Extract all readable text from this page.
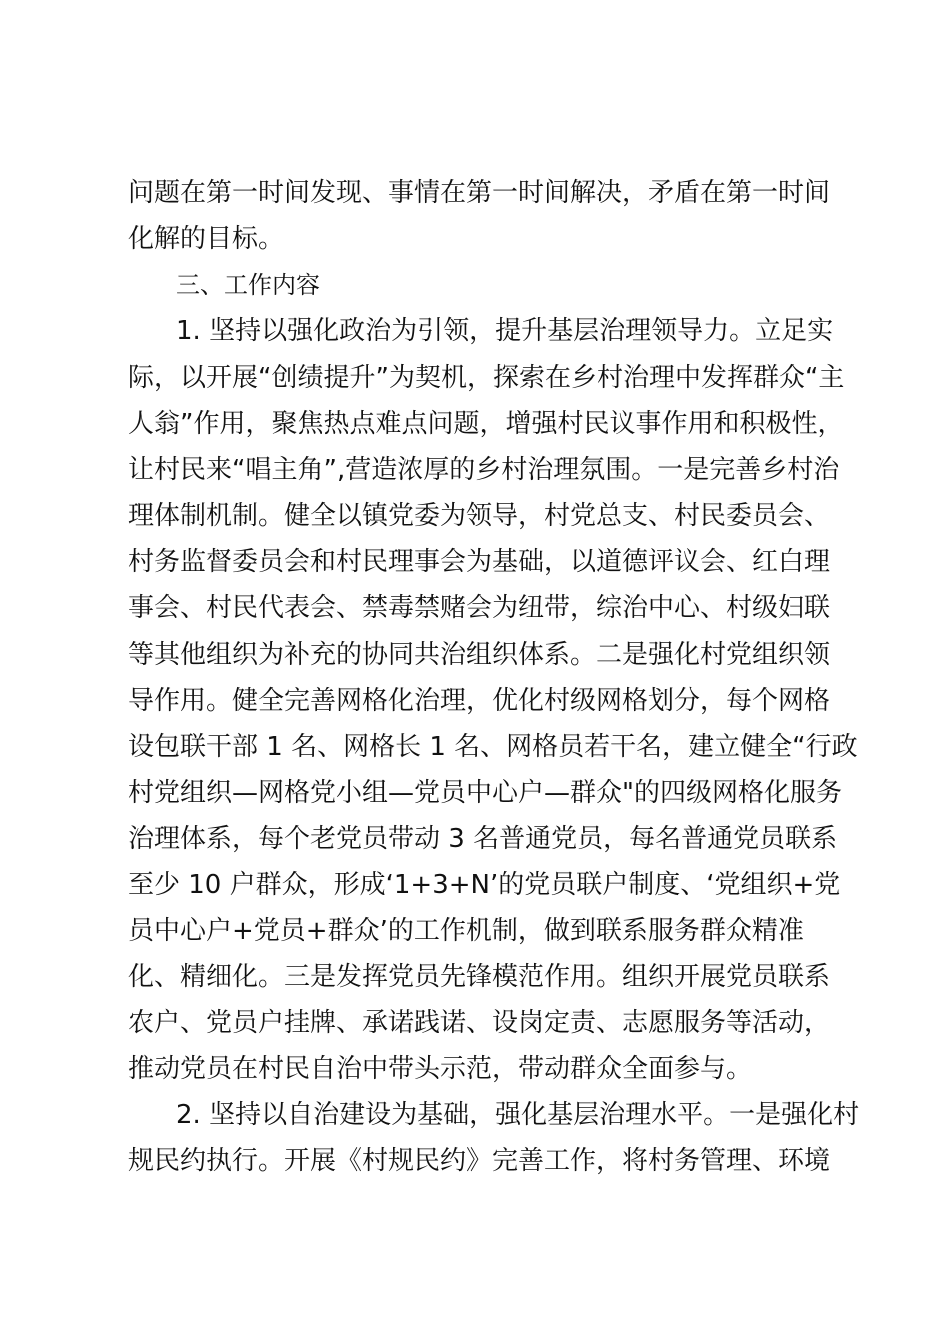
问题在第一时间发现、事情在第一时间解决，矛盾在第一时间
化解的目标。
三、工作内容
1. 坚持以强化政治为引领，提升基层治理领导力。立足实
际，以开展“创绩提升”为契机，探索在乡村治理中发挥群众“主
人翁”作用，聚焦热点难点问题，增强村民议事作用和积极性，
让村民来“唱主角”,营造浓厚的乡村治理氛围。一是完善乡村治
理体制机制。健全以镇党委为领导，村党总支、村民委员会、
村务监督委员会和村民理事会为基础，以道德评议会、红白理
事会、村民代表会、禁毒禁赌会为纽带，综治中心、村级妇联
等其他组织为补充的协同共治组织体系。二是强化村党组织领
导作用。健全完善网格化治理，优化村级网格划分，每个网格
设包联干部 1 名、网格长 1 名、网格员若干名，建立健全“行政
村党组织—网格党小组—党员中心户—群众"的四级网格化服务
治理体系，每个老党员带动 3 名普通党员，每名普通党员联系
至少 10 户群众，形成‘1+3+N’的党员联户制度、‘党组织+党
员中心户+党员+群众’的工作机制，做到联系服务群众精准
化、精细化。三是发挥党员先锋模范作用。组织开展党员联系
农户、党员户挂牌、承诺践诺、设岗定责、志愿服务等活动，
推动党员在村民自治中带头示范，带动群众全面参与。
2. 坚持以自治建设为基础，强化基层治理水平。一是强化村
规民约执行。开展《村规民约》完善工作，将村务管理、环境
